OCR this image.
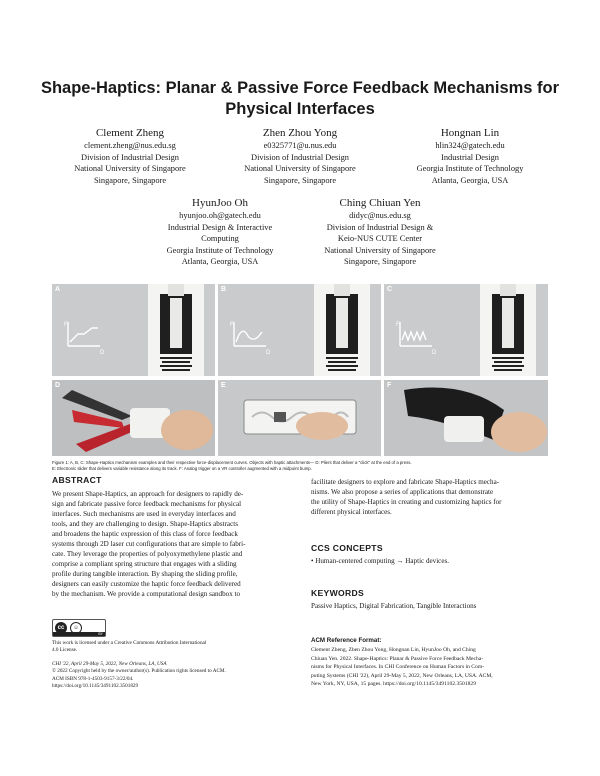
Shape-Haptics: Planar & Passive Force Feedback Mechanisms for
Physical Interfaces
Clement Zheng
clement.zheng@nus.edu.sg
Division of Industrial Design
National University of Singapore
Singapore, Singapore
Zhen Zhou Yong
e0325771@u.nus.edu
Division of Industrial Design
National University of Singapore
Singapore, Singapore
Hongnan Lin
hlin324@gatech.edu
Industrial Design
Georgia Institute of Technology
Atlanta, Georgia, USA
HyunJoo Oh
hyunjoo.oh@gatech.edu
Industrial Design & Interactive
Computing
Georgia Institute of Technology
Atlanta, Georgia, USA
Ching Chiuan Yen
didyc@nus.edu.sg
Division of Industrial Design &
Keio-NUS CUTE Center
National University of Singapore
Singapore, Singapore
F
D
A
F
D
B
F
D
C
D	E	F
Figure 1: A, B, C: Shape-Haptics mechanism examples and their respective force-displacement curves. Objects with haptic attachments— D: Pliers that deliver a "click" at the end of a press.
E: Electronic slider that delivers variable resistance along its track. F: Analog trigger on a VR controller augmented with a midpoint bump.
ABSTRACT
We present Shape-Haptics, an approach for designers to rapidly de-
sign and fabricate passive force feedback mechanisms for physical
interfaces. Such mechanisms are used in everyday interfaces and
tools, and they are challenging to design. Shape-Haptics abstracts
and broadens the haptic expression of this class of force feedback
systems through 2D laser cut configurations that are simple to fabri-
cate. They leverage the properties of polyoxymethylene plastic and
comprise a compliant spring structure that engages with a sliding
profile during tangible interaction. By shaping the sliding profile,
designers can easily customize the haptic force feedback delivered
by the mechanism. We provide a computational design sandbox to
cc	☺
BY
This work is licensed under a Creative Commons Attribution International
4.0 License.
CHI '22, April 29-May 5, 2022, New Orleans, LA, USA
© 2022 Copyright held by the owner/author(s). Publication rights licensed to ACM.
ACM ISBN 978-1-4503-9157-3/22/04.
https://doi.org/10.1145/3491102.3501829
facilitate designers to explore and fabricate Shape-Haptics mecha-
nisms. We also propose a series of applications that demonstrate
the utility of Shape-Haptics in creating and customizing haptics for
different physical interfaces.
CCS CONCEPTS
• Human-centered computing → Haptic devices.
KEYWORDS
Passive Haptics, Digital Fabrication, Tangible Interactions
ACM Reference Format:
Clement Zheng, Zhen Zhou Yong, Hongnan Lin, HyunJoo Oh, and Ching
Chiuan Yen. 2022. Shape-Haptics: Planar & Passive Force Feedback Mecha-
nisms for Physical Interfaces. In CHI Conference on Human Factors in Com-
puting Systems (CHI '22), April 29-May 5, 2022, New Orleans, LA, USA. ACM,
New York, NY, USA, 15 pages. https://doi.org/10.1145/3491102.3501829
